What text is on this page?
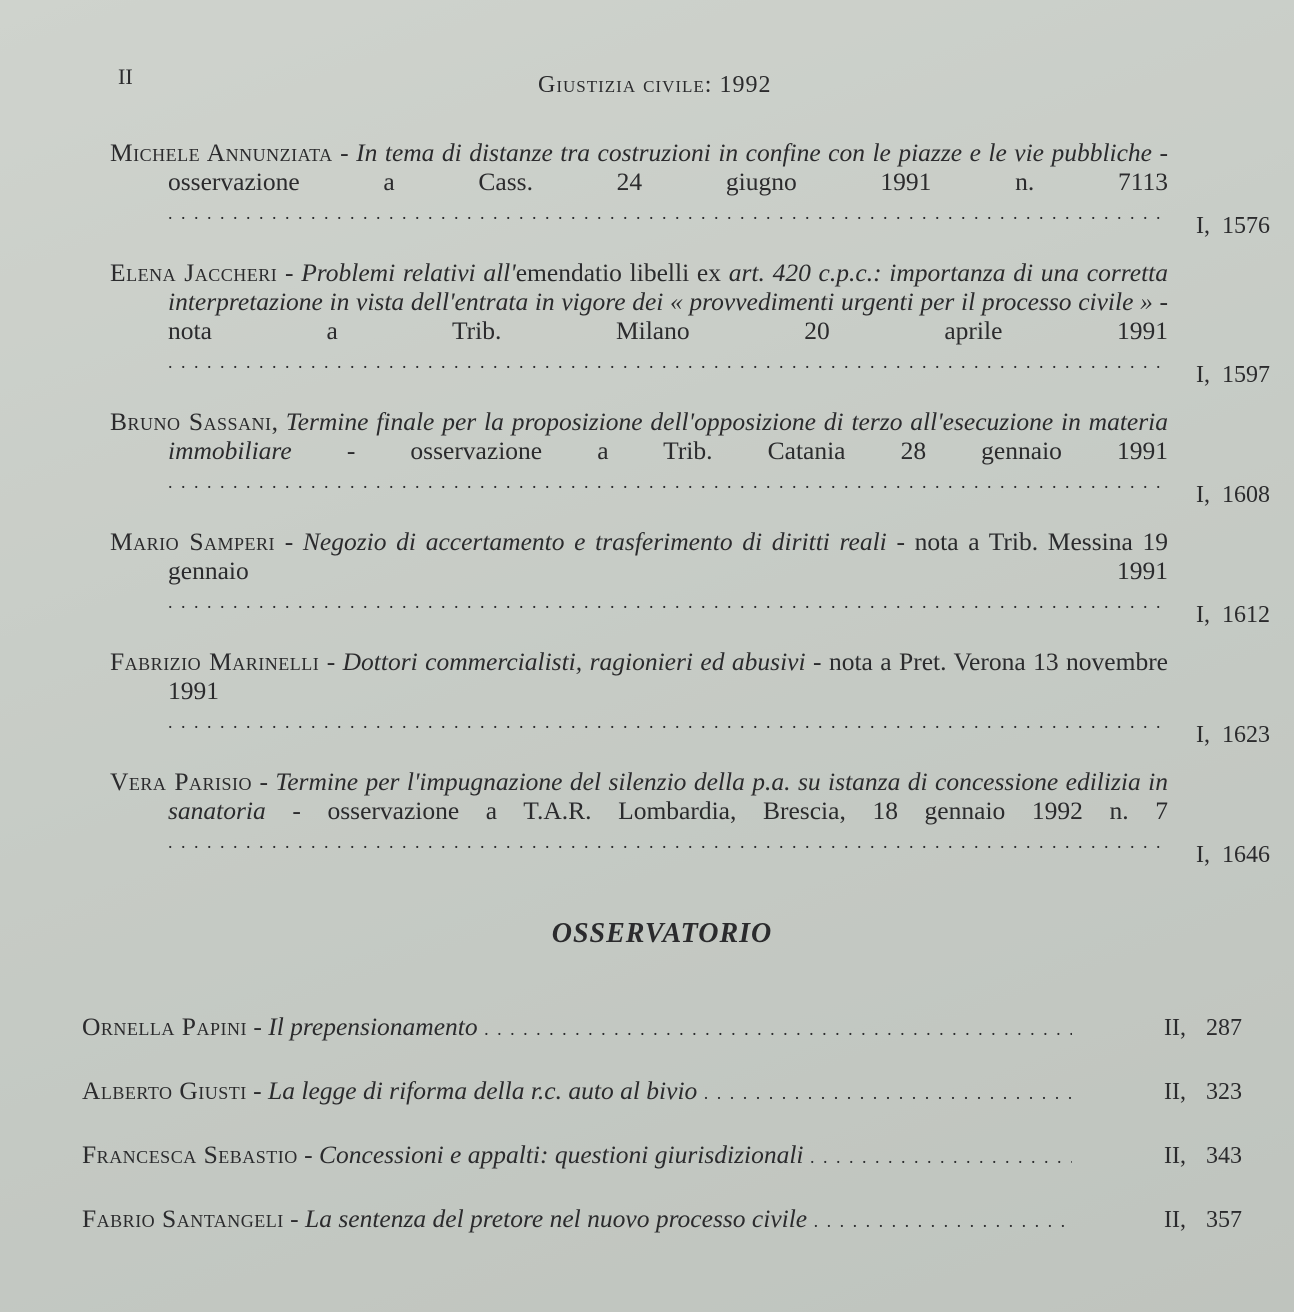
II	Giustizia civile: 1992
Michele Annunziata - In tema di distanze tra costruzioni in confine con le piazze e le vie pubbliche - osservazione a Cass. 24 giugno 1991 n. 7113 . . .
I, 1576
Elena Jaccheri - Problemi relativi all'emendatio libelli ex art. 420 c.p.c.: importanza di una corretta interpretazione in vista dell'entrata in vigore dei « provvedimenti urgenti per il processo civile » - nota a Trib. Milano 20 aprile 1991 . . .
I, 1597
Bruno Sassani, Termine finale per la proposizione dell'opposizione di terzo all'esecuzione in materia immobiliare - osservazione a Trib. Catania 28 gennaio 1991 . . .
I, 1608
Mario Samperi - Negozio di accertamento e trasferimento di diritti reali - nota a Trib. Messina 19 gennaio 1991 . . .
I, 1612
Fabrizio Marinelli - Dottori commercialisti, ragionieri ed abusivi - nota a Pret. Verona 13 novembre 1991 . . .
I, 1623
Vera Parisio - Termine per l'impugnazione del silenzio della p.a. su istanza di concessione edilizia in sanatoria - osservazione a T.A.R. Lombardia, Brescia, 18 gennaio 1992 n. 7 . . .
I, 1646
OSSERVATORIO
Ornella Papini - Il prepensionamento . . .	II, 287
Alberto Giusti - La legge di riforma della r.c. auto al bivio . . .	II, 323
Francesca Sebastio - Concessioni e appalti: questioni giurisdizionali . . .	II, 343
Fabrio Santangeli - La sentenza del pretore nel nuovo processo civile . . .	II, 357
